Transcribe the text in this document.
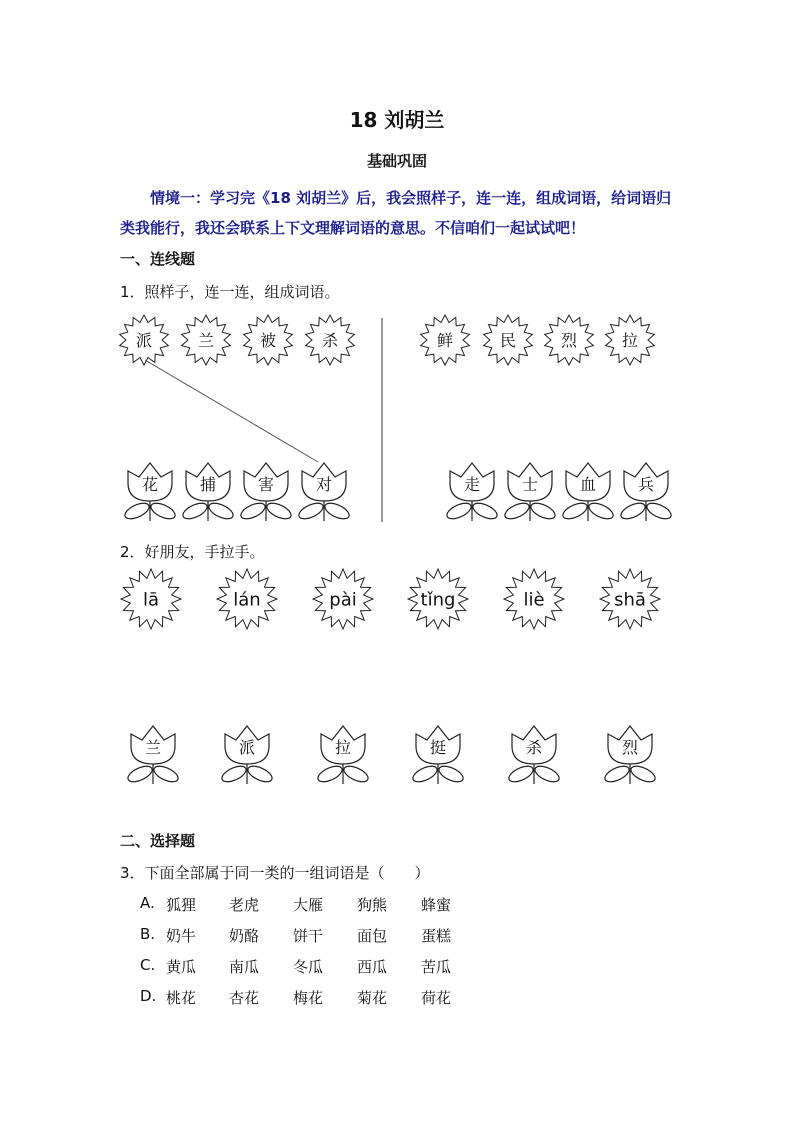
18 刘胡兰
基础巩固
情境一：学习完《18 刘胡兰》后，我会照样子，连一连，组成词语，给词语归类我能行，我还会联系上下文理解词语的意思。不信咱们一起试试吧！
一、连线题
1．照样子，连一连，组成词语。
派	兰	被	杀	鲜	民	烈	拉
花	捕	害	对	走	士	血	兵
lā	lán	pài	tǐng	liè	shā
兰	派	拉	挺	杀	烈
2．好朋友，手拉手。
二、选择题
3．下面全部属于同一类的一组词语是（　　）
A. 狐狸 老虎 大雁 狗熊 蜂蜜
B. 奶牛 奶酪 饼干 面包 蛋糕
C. 黄瓜 南瓜 冬瓜 西瓜 苦瓜
D. 桃花 杏花 梅花 菊花 荷花
